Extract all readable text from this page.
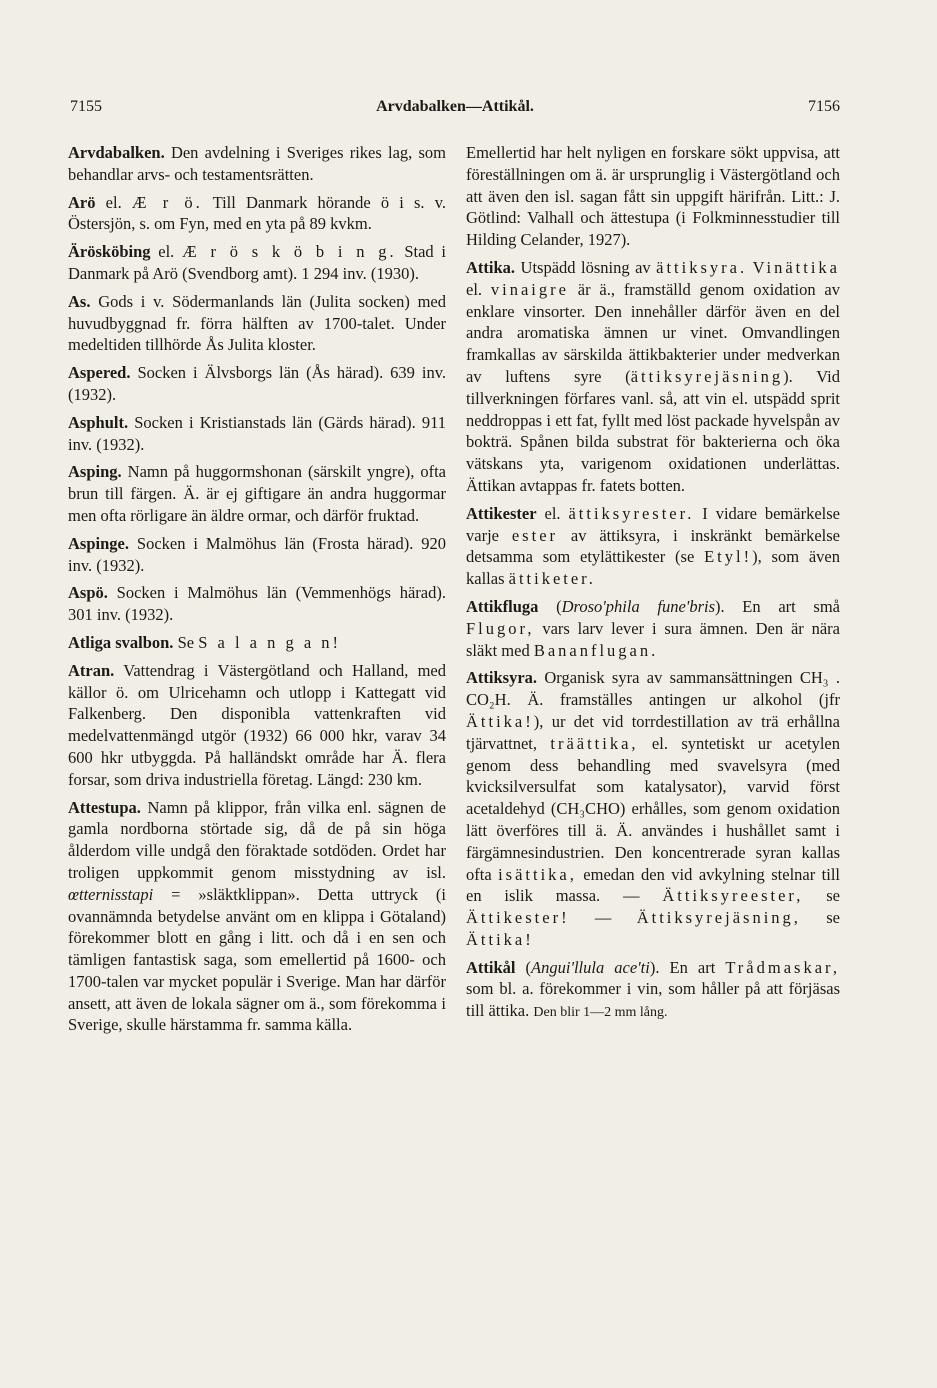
7155	Arvdabalken—Attikål.	7156

Arvdabalken. Den avdelning i Sveriges rikes lag, som behandlar arvs- och testamentsrätten.

Arö el. Æ r ö. Till Danmark hörande ö i s. v. Östersjön, s. om Fyn, med en yta på 89 kvkm.

Ärösköbing el. Æ r ö s k ö b i n g. Stad i Danmark på Arö (Svendborg amt). 1 294 inv. (1930).

As. Gods i v. Södermanlands län (Julita socken) med huvudbyggnad fr. förra hälften av 1700-talet. Under medeltiden tillhörde Ås Julita kloster.

Aspered. Socken i Älvsborgs län (Ås härad). 639 inv. (1932).

Asphult. Socken i Kristianstads län (Gärds härad). 911 inv. (1932).

Asping. Namn på huggormshonan (särskilt yngre), ofta brun till färgen. Ä. är ej giftigare än andra huggormar men ofta rörligare än äldre ormar, och därför fruktad.

Aspinge. Socken i Malmöhus län (Frosta härad). 920 inv. (1932).

Aspö. Socken i Malmöhus län (Vemmenhögs härad). 301 inv. (1932).

Atliga svalbon. Se S a l a n g a n!

Atran. Vattendrag i Västergötland och Halland, med källor ö. om Ulricehamn och utlopp i Kattegatt vid Falkenberg. Den disponibla vattenkraften vid medelvattenmängd utgör (1932) 66 000 hkr, varav 34 600 hkr utbyggda. På halländskt område har Ä. flera forsar, som driva industriella företag. Längd: 230 km.

Attestupa. Namn på klippor, från vilka enl. sägnen de gamla nordborna störtade sig, då de på sin höga ålderdom ville undgå den föraktade sotdöden. Ordet har troligen uppkommit genom misstydning av isl. œtternisstapi = »släktklippan». Detta uttryck (i ovannämnda betydelse använt om en klippa i Götaland) förekommer blott en gång i litt. och då i en sen och tämligen fantastisk saga, som emellertid på 1600- och 1700-talen var mycket populär i Sverige. Man har därför ansett, att även de lokala sägner om ä., som förekomma i Sverige, skulle härstamma fr. samma källa.

Emellertid har helt nyligen en forskare sökt uppvisa, att föreställningen om ä. är ursprunglig i Västergötland och att även den isl. sagan fått sin uppgift härifrån. Litt.: J. Götlind: Valhall och ättestupa (i Folkminnesstudier till Hilding Celander, 1927).

Attika. Utspädd lösning av ättiksyra. Vinättika el. vinaigre är ä., framställd genom oxidation av enklare vinsorter. Den innehåller därför även en del andra aromatiska ämnen ur vinet. Omvandlingen framkallas av särskilda ättikbakterier under medverkan av luftens syre (ättiksyrejäsning). Vid tillverkningen förfares vanl. så, att vin el. utspädd sprit neddroppas i ett fat, fyllt med löst packade hyvelspån av bokträ. Spånen bilda substrat för bakterierna och öka vätskans yta, varigenom oxidationen underlättas. Ättikan avtappas fr. fatets botten.

Attikester el. ättiksyrester. I vidare bemärkelse varje ester av ättiksyra, i inskränkt bemärkelse detsamma som etylättikester (se Etyl!), som även kallas ättiketer.

Attikfluga (Droso'phila fune'bris). En art små Flugor, vars larv lever i sura ämnen. Den är nära släkt med Bananflugan.

Attiksyra. Organisk syra av sammansättningen CH₃ . CO₂H. Ä. framställes antingen ur alkohol (jfr Ättika!), ur det vid torrdestillation av trä erhållna tjärvattnet, träättika, el. syntetiskt ur acetylen genom dess behandling med svavelsyra (med kvicksilversulfat som katalysator), varvid först acetaldehyd (CH₃CHO) erhålles, som genom oxidation lätt överföres till ä. Ä. användes i hushållet samt i färgämnesindustrien. Den koncentrerade syran kallas ofta isättika, emedan den vid avkylning stelnar till en islik massa. — Ättiksyreester, se Ättikester! — Ättiksyrejäsning, se Ättika!

Attikål (Angui'llula ace'ti). En art Trådmaskar, som bl. a. förekommer i vin, som håller på att förjäsas till ättika. Den blir 1—2 mm lång.
